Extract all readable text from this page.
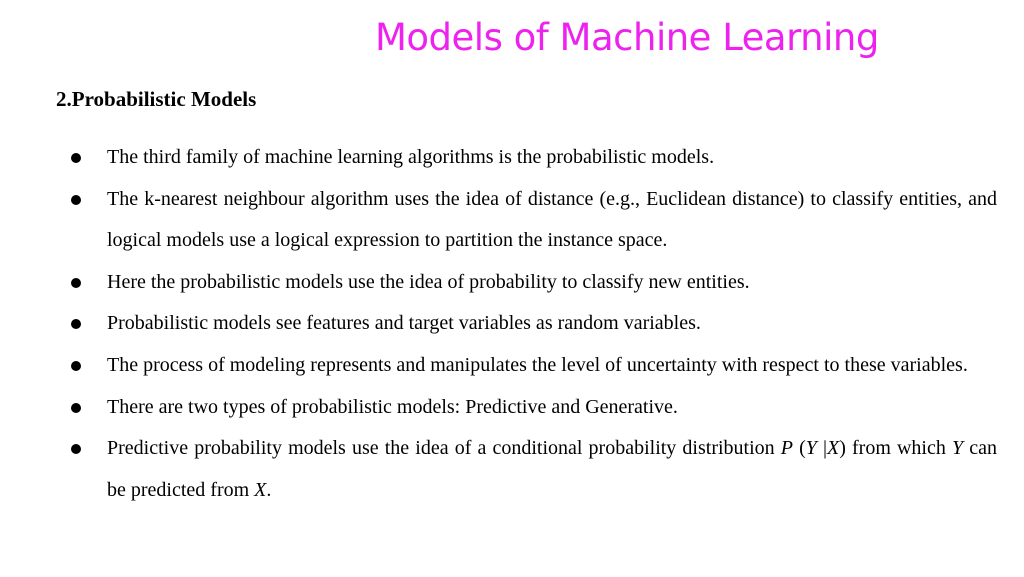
Models of Machine Learning
2.Probabilistic Models
The third family of machine learning algorithms is the probabilistic models.
The k-nearest neighbour algorithm uses the idea of distance (e.g., Euclidean distance) to classify entities, and logical models use a logical expression to partition the instance space.
Here the probabilistic models use the idea of probability to classify new entities.
Probabilistic models see features and target variables as random variables.
The process of modeling represents and manipulates the level of uncertainty with respect to these variables.
There are two types of probabilistic models: Predictive and Generative.
Predictive probability models use the idea of a conditional probability distribution P (Y |X) from which Y can be predicted from X.
